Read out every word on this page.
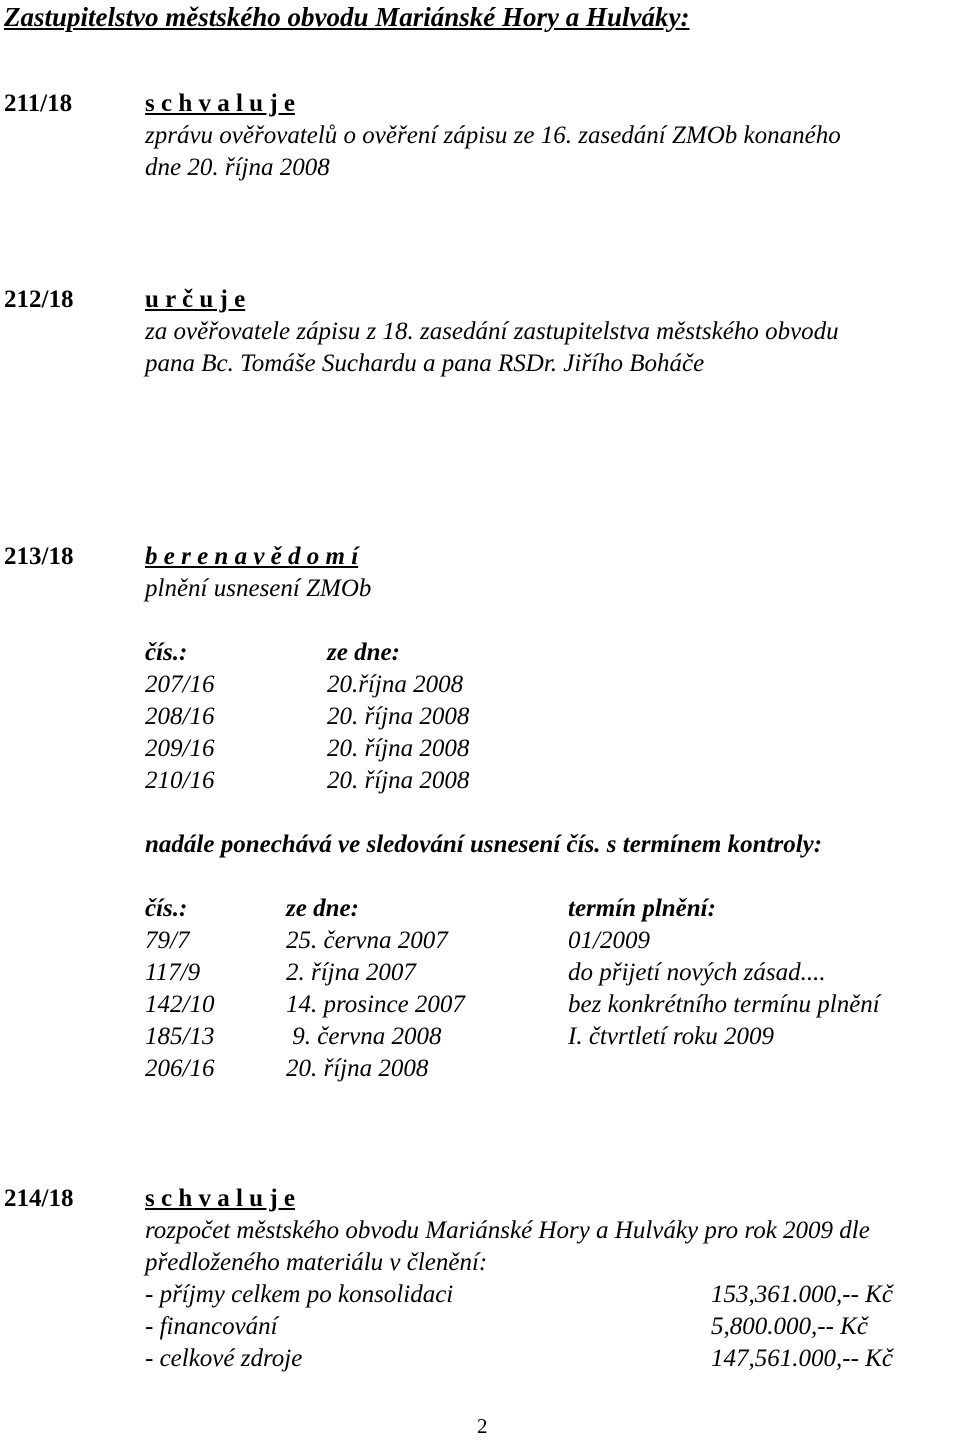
Zastupitelstvo městského obvodu Mariánské Hory a Hulváky:
211/18	s c h v a l u j e
zprávu ověřovatelů o ověření zápisu ze 16. zasedání ZMOb konaného
dne 20. října 2008
212/18	u r č u j e
za ověřovatele zápisu z 18. zasedání zastupitelstva městského obvodu
pana Bc. Tomáše Suchardu a pana RSDr. Jiřího Boháče
213/18	b e r e n a v ě d o m í
plnění usnesení ZMOb
čís.:	ze dne:
207/16	20.října 2008
208/16	20. října 2008
209/16	20. října 2008
210/16	20. října 2008
nadále ponechává ve sledování usnesení čís. s termínem kontroly:
čís.:	ze dne:	termín plnění:
79/7	25. června 2007	01/2009
117/9	2. října 2007	do přijetí nových zásad....
142/10	14. prosince 2007	bez konkrétního termínu plnění
185/13	9. června 2008	I. čtvrtletí roku 2009
206/16	20. října 2008
214/18	s c h v a l u j e
rozpočet městského obvodu Mariánské Hory a Hulváky pro rok 2009 dle
předloženého materiálu v členění:
- příjmy celkem po konsolidaci	153,361.000,-- Kč
- financování	5,800.000,-- Kč
- celkové zdroje	147,561.000,-- Kč
2
